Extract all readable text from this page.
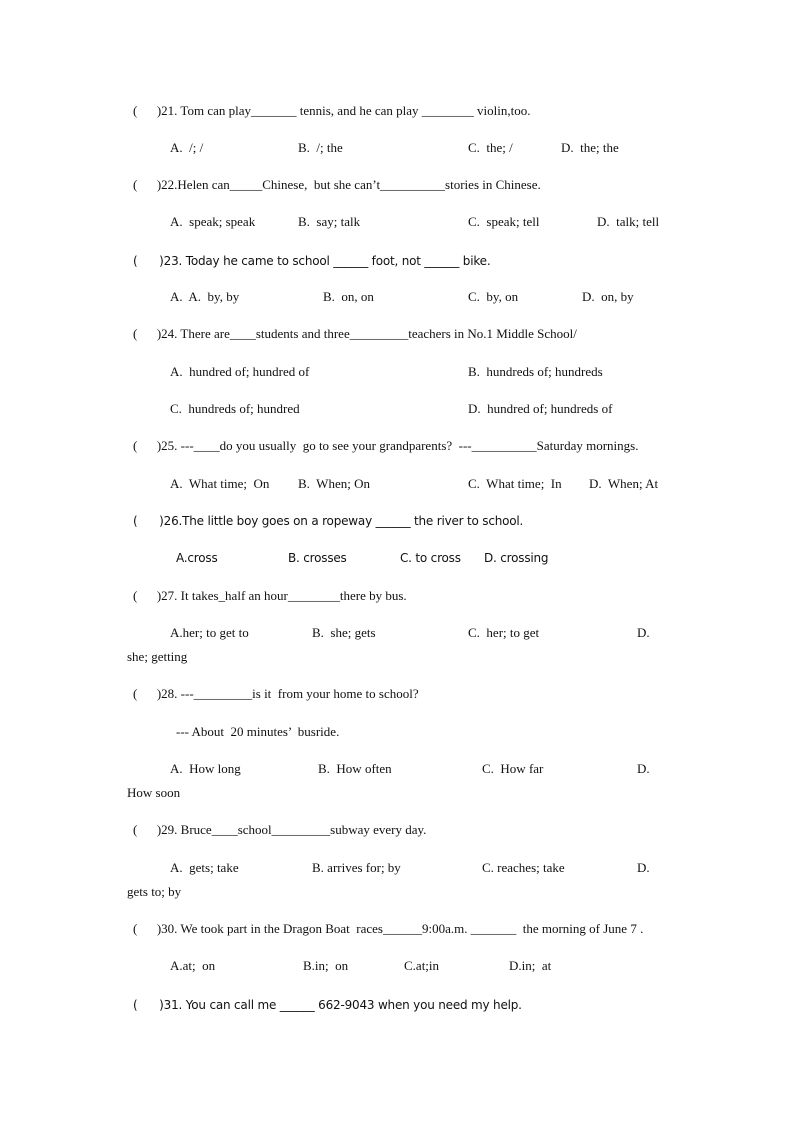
(      )21. Tom can play_______ tennis, and he can play ________ violin,too.
A.  /; /	B.  /; the	C.  the; /	D.  the; the
(      )22.Helen can_____Chinese,  but she can’t__________stories in Chinese.
A.  speak; speak	B.  say; talk	C.  speak; tell	D.  talk; tell
(      )23. Today he came to school ______ foot, not ______ bike.
A.  A.  by, by	B.  on, on	C.  by, on	D.  on, by
(      )24. There are____students and three_________teachers in No.1 Middle School/
A.  hundred of; hundred of	B.  hundreds of; hundreds
C.  hundreds of; hundred	D.  hundred of; hundreds of
(      )25. ---____do you usually  go to see your grandparents?  ---__________Saturday mornings.
A.  What time;  On B.  When; On	C.  What time;  In D.  When; At
(      )26.The little boy goes on a ropeway ______ the river to school.
A.cross	B. crosses	C. to cross D. crossing
(      )27. It takes_half an hour________there by bus.
A.her; to get to	B.  she; gets	C.  her; to get	D.
she; getting
(      )28. ---_________is it  from your home to school?
--- About  20 minutes’  busride.
A.  How long	B.  How often	C.  How far	D.
How soon
(      )29. Bruce____school_________subway every day.
A.  gets; take	B. arrives for; by	C. reaches; take	D.
gets to; by
(      )30. We took part in the Dragon Boat  races______9:00a.m. _______  the morning of June 7 .
A.at;  on	B.in;  on	C.at;in	D.in;  at
(      )31. You can call me ______ 662-9043 when you need my help.
